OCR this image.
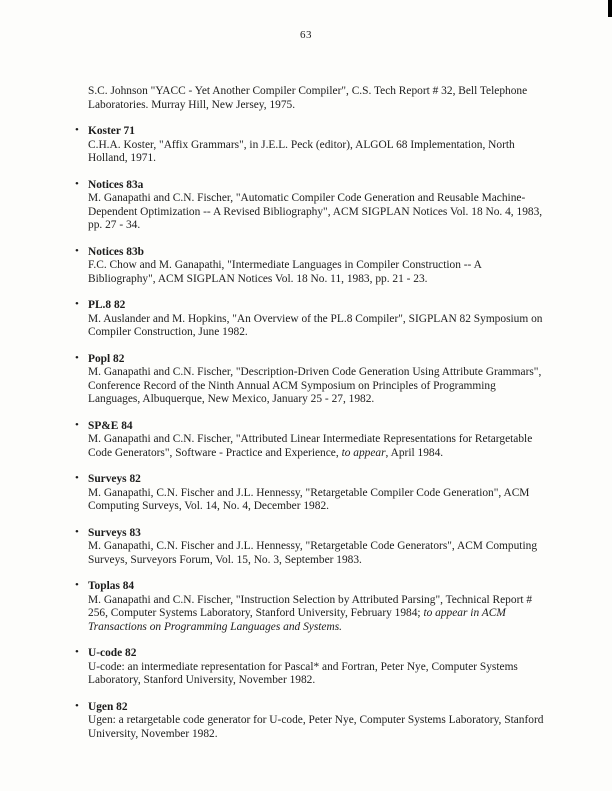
63

S.C. Johnson "YACC - Yet Another Compiler Compiler", C.S. Tech Report # 32, Bell Telephone Laboratories. Murray Hill, New Jersey, 1975.

• Koster 71
C.H.A. Koster, "Affix Grammars", in J.E.L. Peck (editor), ALGOL 68 Implementation, North Holland, 1971.
• Notices 83a
M. Ganapathi and C.N. Fischer, "Automatic Compiler Code Generation and Reusable Machine-Dependent Optimization -- A Revised Bibliography", ACM SIGPLAN Notices Vol. 18 No. 4, 1983, pp. 27 - 34.
• Notices 83b
F.C. Chow and M. Ganapathi, "Intermediate Languages in Compiler Construction -- A Bibliography", ACM SIGPLAN Notices Vol. 18 No. 11, 1983, pp. 21 - 23.
• PL.8 82
M. Auslander and M. Hopkins, "An Overview of the PL.8 Compiler", SIGPLAN 82 Symposium on Compiler Construction, June 1982.
• Popl 82
M. Ganapathi and C.N. Fischer, "Description-Driven Code Generation Using Attribute Grammars", Conference Record of the Ninth Annual ACM Symposium on Principles of Programming Languages, Albuquerque, New Mexico, January 25 - 27, 1982.
• SP&E 84
M. Ganapathi and C.N. Fischer, "Attributed Linear Intermediate Representations for Retargetable Code Generators", Software - Practice and Experience, to appear, April 1984.
• Surveys 82
M. Ganapathi, C.N. Fischer and J.L. Hennessy, "Retargetable Compiler Code Generation", ACM Computing Surveys, Vol. 14, No. 4, December 1982.
• Surveys 83
M. Ganapathi, C.N. Fischer and J.L. Hennessy, "Retargetable Code Generators", ACM Computing Surveys, Surveyors Forum, Vol. 15, No. 3, September 1983.
• Toplas 84
M. Ganapathi and C.N. Fischer, "Instruction Selection by Attributed Parsing", Technical Report # 256, Computer Systems Laboratory, Stanford University, February 1984; to appear in ACM Transactions on Programming Languages and Systems.
• U-code 82
U-code: an intermediate representation for Pascal* and Fortran, Peter Nye, Computer Systems Laboratory, Stanford University, November 1982.
• Ugen 82
Ugen: a retargetable code generator for U-code, Peter Nye, Computer Systems Laboratory, Stanford University, November 1982.
